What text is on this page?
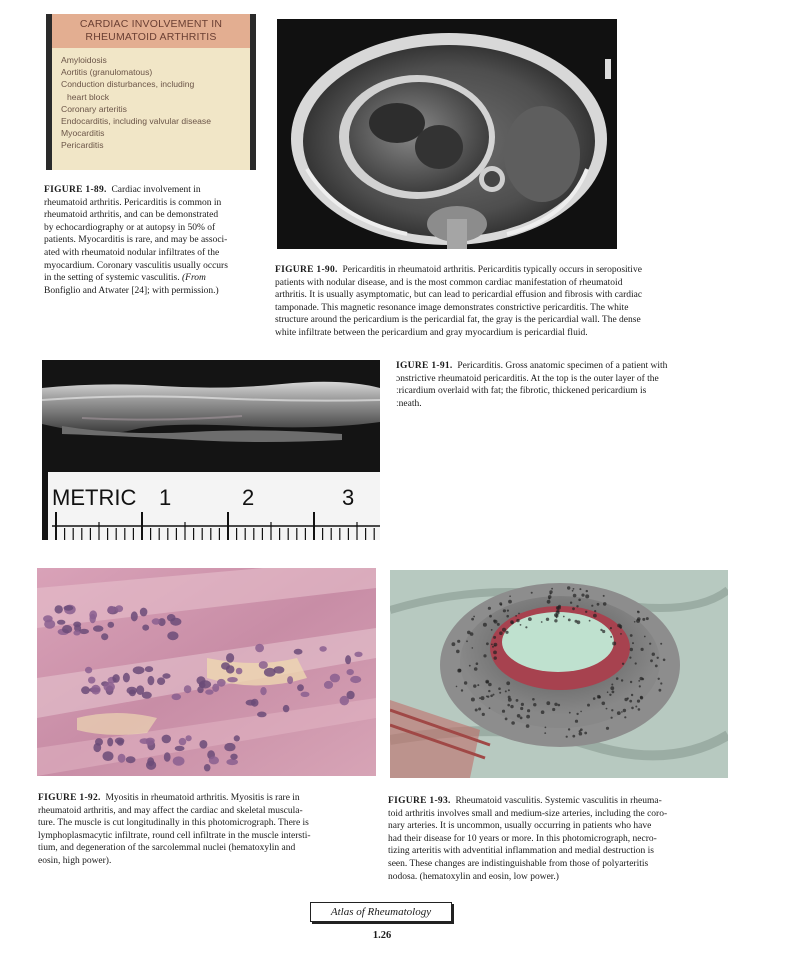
CARDIAC INVOLVEMENT IN
RHEUMATOID ARTHRITIS
Amyloidosis
Aortitis (granulomatous)
Conduction disturbances, including
heart block
Coronary arteritis
Endocarditis, including valvular disease
Myocarditis
Pericarditis
FIGURE 1-89. Cardiac involvement in
rheumatoid arthritis. Pericarditis is common in
rheumatoid arthritis, and can be demonstrated
by echocardiography or at autopsy in 50% of
patients. Myocarditis is rare, and may be associ-
ated with rheumatoid nodular infiltrates of the
myocardium. Coronary vasculitis usually occurs
in the setting of systemic vasculitis. (From
Bonfiglio and Atwater [24]; with permission.)
FIGURE 1-90. Pericarditis in rheumatoid arthritis. Pericarditis typically occurs in seropositive
patients with nodular disease, and is the most common cardiac manifestation of rheumatoid
arthritis. It is usually asymptomatic, but can lead to pericardial effusion and fibrosis with cardiac
tamponade. This magnetic resonance image demonstrates constrictive pericarditis. The white
structure around the pericardium is the pericardial fat, the gray is the pericardial wall. The dense
white infiltrate between the pericardium and gray myocardium is pericardial fluid.
METRIC 1	2	3
IGURE 1-91. Pericarditis. Gross anatomic specimen of a patient with
ɔnstrictive rheumatoid pericarditis. At the top is the outer layer of the
ːricardium overlaid with fat; the fibrotic, thickened pericardium is
ːneath.
FIGURE 1-92. Myositis in rheumatoid arthritis. Myositis is rare in
rheumatoid arthritis, and may affect the cardiac and skeletal muscula-
ture. The muscle is cut longitudinally in this photomicrograph. There is
lymphoplasmacytic infiltrate, round cell infiltrate in the muscle intersti-
tium, and degeneration of the sarcolemmal nuclei (hematoxylin and
eosin, high power).
FIGURE 1-93. Rheumatoid vasculitis. Systemic vasculitis in rheuma-
toid arthritis involves small and medium-size arteries, including the coro-
nary arteries. It is uncommon, usually occurring in patients who have
had their disease for 10 years or more. In this photomicrograph, necro-
tizing arteritis with adventitial inflammation and medial destruction is
seen. These changes are indistinguishable from those of polyarteritis
nodosa. (hematoxylin and eosin, low power.)
Atlas of Rheumatology
1.26
